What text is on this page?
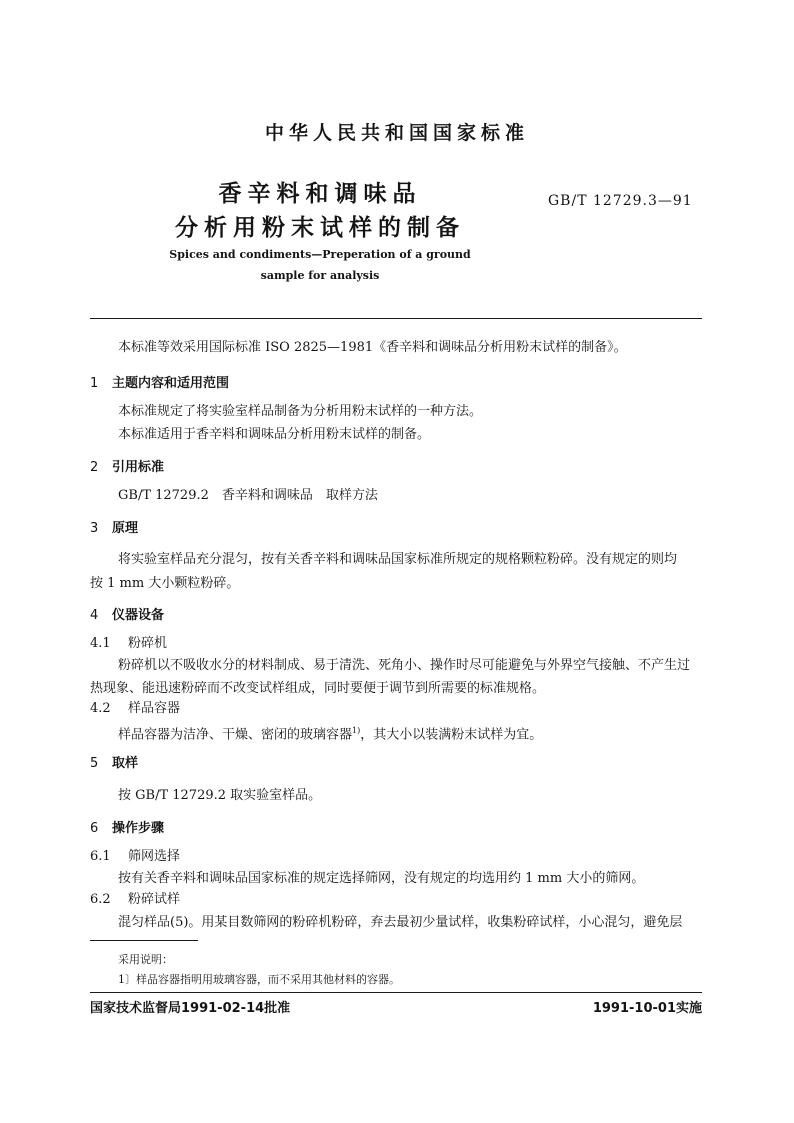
中华人民共和国国家标准
香辛料和调味品
分析用粉末试样的制备
GB/T 12729.3—91
Spices and condiments—Preperation of a ground
sample for analysis
本标准等效采用国际标准 ISO 2825—1981《香辛料和调味品分析用粉末试样的制备》。
1 主题内容和适用范围
本标准规定了将实验室样品制备为分析用粉末试样的一种方法。
本标准适用于香辛料和调味品分析用粉末试样的制备。
2 引用标准
GB/T 12729.2　香辛料和调味品　取样方法
3 原理
将实验室样品充分混匀，按有关香辛料和调味品国家标准所规定的规格颗粒粉碎。没有规定的则均
按 1 mm 大小颗粒粉碎。
4 仪器设备
4.1 粉碎机
粉碎机以不吸收水分的材料制成、易于清洗、死角小、操作时尽可能避免与外界空气接触、不产生过
热现象、能迅速粉碎而不改变试样组成，同时要便于调节到所需要的标准规格。
4.2 样品容器
样品容器为洁净、干燥、密闭的玻璃容器$^{1)}$，其大小以装满粉末试样为宜。
5 取样
按 GB/T 12729.2 取实验室样品。
6 操作步骤
6.1 筛网选择
按有关香辛料和调味品国家标准的规定选择筛网，没有规定的均选用约 1 mm 大小的筛网。
6.2 粉碎试样
混匀样品(5)。用某目数筛网的粉碎机粉碎，弃去最初少量试样，收集粉碎试样，小心混匀，避免层
采用说明：
1〕样品容器指明用玻璃容器，而不采用其他材料的容器。
国家技术监督局1991-02-14批准	1991-10-01实施
